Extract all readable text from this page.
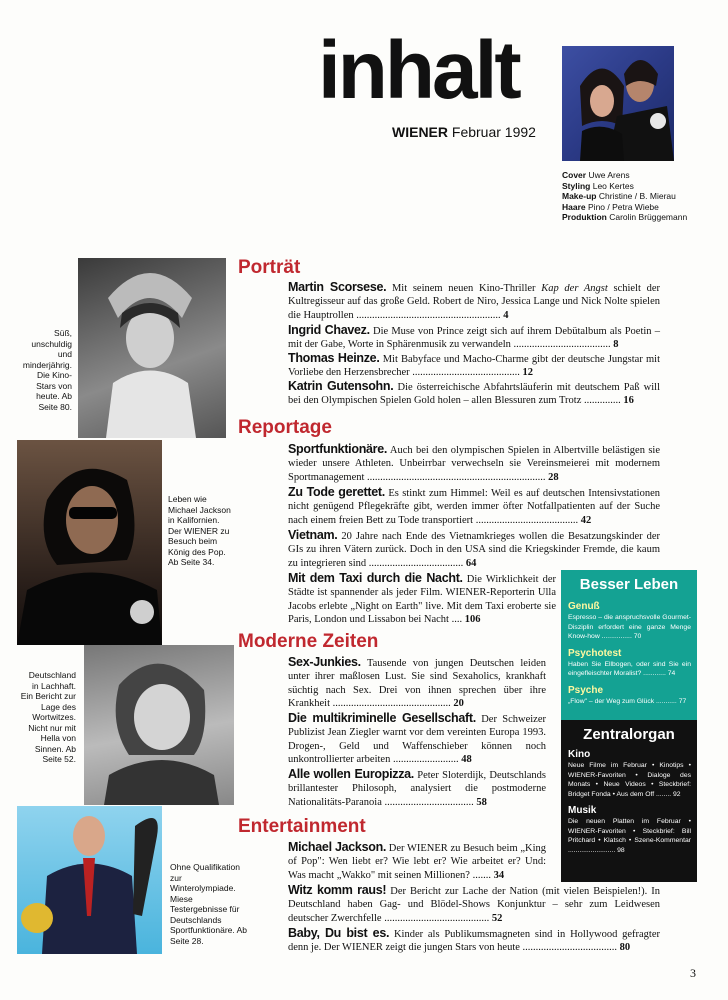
inhalt
WIENER Februar 1992
Cover Uwe Arens
Styling Leo Kertes
Make-up Christine / B. Mierau
Haare Pino / Petra Wiebe
Produktion Carolin Brüggemann
Süß, unschuldig und minderjährig. Die Kino-Stars von heute. Ab Seite 80.
Leben wie Michael Jackson in Kalifornien. Der WIENER zu Besuch beim König des Pop. Ab Seite 34.
Deutschland in Lachhaft. Ein Bericht zur Lage des Wortwitzes. Nicht nur mit Hella von Sinnen. Ab Seite 52.
Ohne Qualifikation zur Winterolympiade. Miese Testergebnisse für Deutschlands Sportfunktionäre. Ab Seite 28.
Porträt
Reportage
Moderne Zeiten
Entertainment
Martin Scorsese. Mit seinem neuen Kino-Thriller Kap der Angst schielt der Kultregisseur auf das große Geld. Robert de Niro, Jessica Lange und Nick Nolte spielen die Hauptrollen ....................................................... 4
Ingrid Chavez. Die Muse von Prince zeigt sich auf ihrem Debütalbum als Poetin – mit der Gabe, Worte in Sphärenmusik zu verwandeln ..................................... 8
Thomas Heinze. Mit Babyface und Macho-Charme gibt der deutsche Jungstar mit Vorliebe den Herzensbrecher ......................................... 12
Katrin Gutensohn. Die österreichische Abfahrtsläuferin mit deutschem Paß will bei den Olympischen Spielen Gold holen – allen Blessuren zum Trotz .............. 16
Sportfunktionäre. Auch bei den olympischen Spielen in Albertville belästigen sie wieder unsere Athleten. Unbeirrbar verwechseln sie Vereinsmeierei mit modernem Sportmanagement .................................................................... 28
Zu Tode gerettet. Es stinkt zum Himmel: Weil es auf deutschen Intensivstationen nicht genügend Pflegekräfte gibt, werden immer öfter Notfallpatienten auf der Suche nach einem freien Bett zu Tode transportiert ....................................... 42
Vietnam. 20 Jahre nach Ende des Vietnamkrieges wollen die Besatzungskinder der GIs zu ihren Vätern zurück. Doch in den USA sind die Kriegskinder Fremde, die kaum zu integrieren sind .................................... 64
Mit dem Taxi durch die Nacht. Die Wirklichkeit der Städte ist spannender als jeder Film. WIENER-Reporterin Ulla Jacobs erlebte „Night on Earth" live. Mit dem Taxi eroberte sie Paris, London und Lissabon bei Nacht .... 106
Sex-Junkies. Tausende von jungen Deutschen leiden unter ihrer maßlosen Lust. Sie sind Sexaholics, krankhaft süchtig nach Sex. Drei von ihnen sprechen über ihre Krankheit ............................................. 20
Die multikriminelle Gesellschaft. Der Schweizer Publizist Jean Ziegler warnt vor dem vereinten Europa 1993. Drogen-, Geld und Waffenschieber können noch unkontrollierter arbeiten ......................... 48
Alle wollen Europizza. Peter Sloterdijk, Deutschlands brillantester Philosoph, analysiert die postmoderne Nationalitäts-Paranoia .................................. 58
Michael Jackson. Der WIENER zu Besuch beim „King of Pop": Wen liebt er? Wie lebt er? Wie arbeitet er? Und: Was macht „Wakko" mit seinen Millionen? ....... 34
Witz komm raus! Der Bericht zur Lache der Nation (mit vielen Beispielen!). In Deutschland haben Gag- und Blödel-Shows Konjunktur – sehr zum Leidwesen deutscher Zwerchfelle ........................................ 52
Baby, Du bist es. Kinder als Publikumsmagneten sind in Hollywood gefragter denn je. Der WIENER zeigt die jungen Stars von heute .................................... 80
Besser Leben
Genuß
Espresso – die anspruchsvolle Gourmet-Disziplin erfordert eine ganze Menge Know-how ................ 70
Psychotest
Haben Sie Ellbogen, oder sind Sie ein eingefleischter Moralist? ............ 74
Psyche
„Flow" – der Weg zum Glück ........... 77
Zentralorgan
Kino
Neue Filme im Februar • Kinotips • WIENER-Favoriten • Dialoge des Monats • Neue Videos • Steckbrief: Bridget Fonda • Aus dem Off ........ 92
Musik
Die neuen Platten im Februar • WIENER-Favoriten • Steckbrief: Bill Pritchard • Klatsch • Szene-Kommentar ......................... 98
3
